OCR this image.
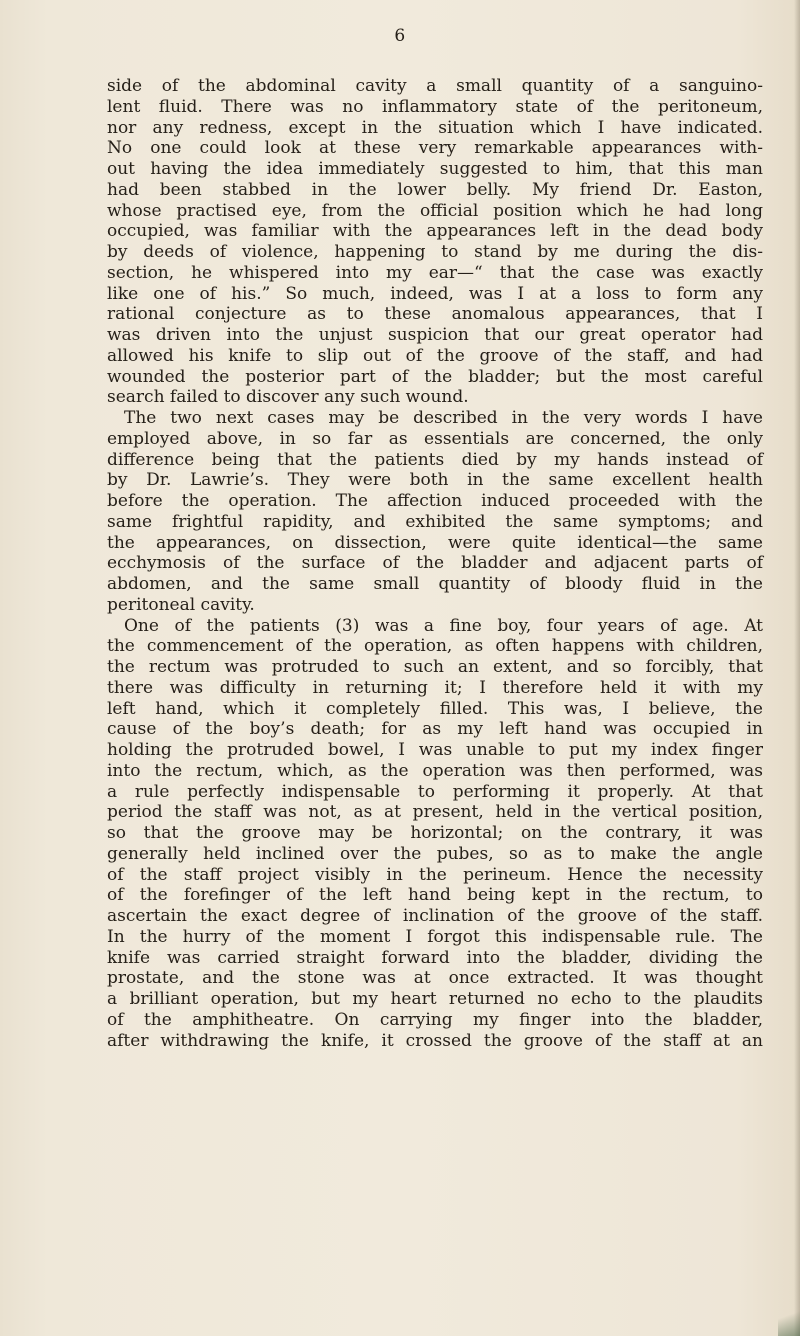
6
side of the abdominal cavity a small quantity of a sanguino-
lent fluid. There was no inflammatory state of the peritoneum,
nor any redness, except in the situation which I have indicated.
No one could look at these very remarkable appearances with-
out having the idea immediately suggested to him, that this man
had been stabbed in the lower belly. My friend Dr. Easton,
whose practised eye, from the official position which he had long
occupied, was familiar with the appearances left in the dead body
by deeds of violence, happening to stand by me during the dis-
section, he whispered into my ear—“ that the case was exactly
like one of his.” So much, indeed, was I at a loss to form any
rational conjecture as to these anomalous appearances, that I
was driven into the unjust suspicion that our great operator had
allowed his knife to slip out of the groove of the staff, and had
wounded the posterior part of the bladder; but the most careful
search failed to discover any such wound.
The two next cases may be described in the very words I have
employed above, in so far as essentials are concerned, the only
difference being that the patients died by my hands instead of
by Dr. Lawrie’s. They were both in the same excellent health
before the operation. The affection induced proceeded with the
same frightful rapidity, and exhibited the same symptoms; and
the appearances, on dissection, were quite identical—the same
ecchymosis of the surface of the bladder and adjacent parts of
abdomen, and the same small quantity of bloody fluid in the
peritoneal cavity.
One of the patients (3) was a fine boy, four years of age. At
the commencement of the operation, as often happens with children,
the rectum was protruded to such an extent, and so forcibly, that
there was difficulty in returning it; I therefore held it with my
left hand, which it completely filled. This was, I believe, the
cause of the boy’s death; for as my left hand was occupied in
holding the protruded bowel, I was unable to put my index finger
into the rectum, which, as the operation was then performed, was
a rule perfectly indispensable to performing it properly. At that
period the staff was not, as at present, held in the vertical position,
so that the groove may be horizontal; on the contrary, it was
generally held inclined over the pubes, so as to make the angle
of the staff project visibly in the perineum. Hence the necessity
of the forefinger of the left hand being kept in the rectum, to
ascertain the exact degree of inclination of the groove of the staff.
In the hurry of the moment I forgot this indispensable rule. The
knife was carried straight forward into the bladder, dividing the
prostate, and the stone was at once extracted. It was thought
a brilliant operation, but my heart returned no echo to the plaudits
of the amphitheatre. On carrying my finger into the bladder,
after withdrawing the knife, it crossed the groove of the staff at an
